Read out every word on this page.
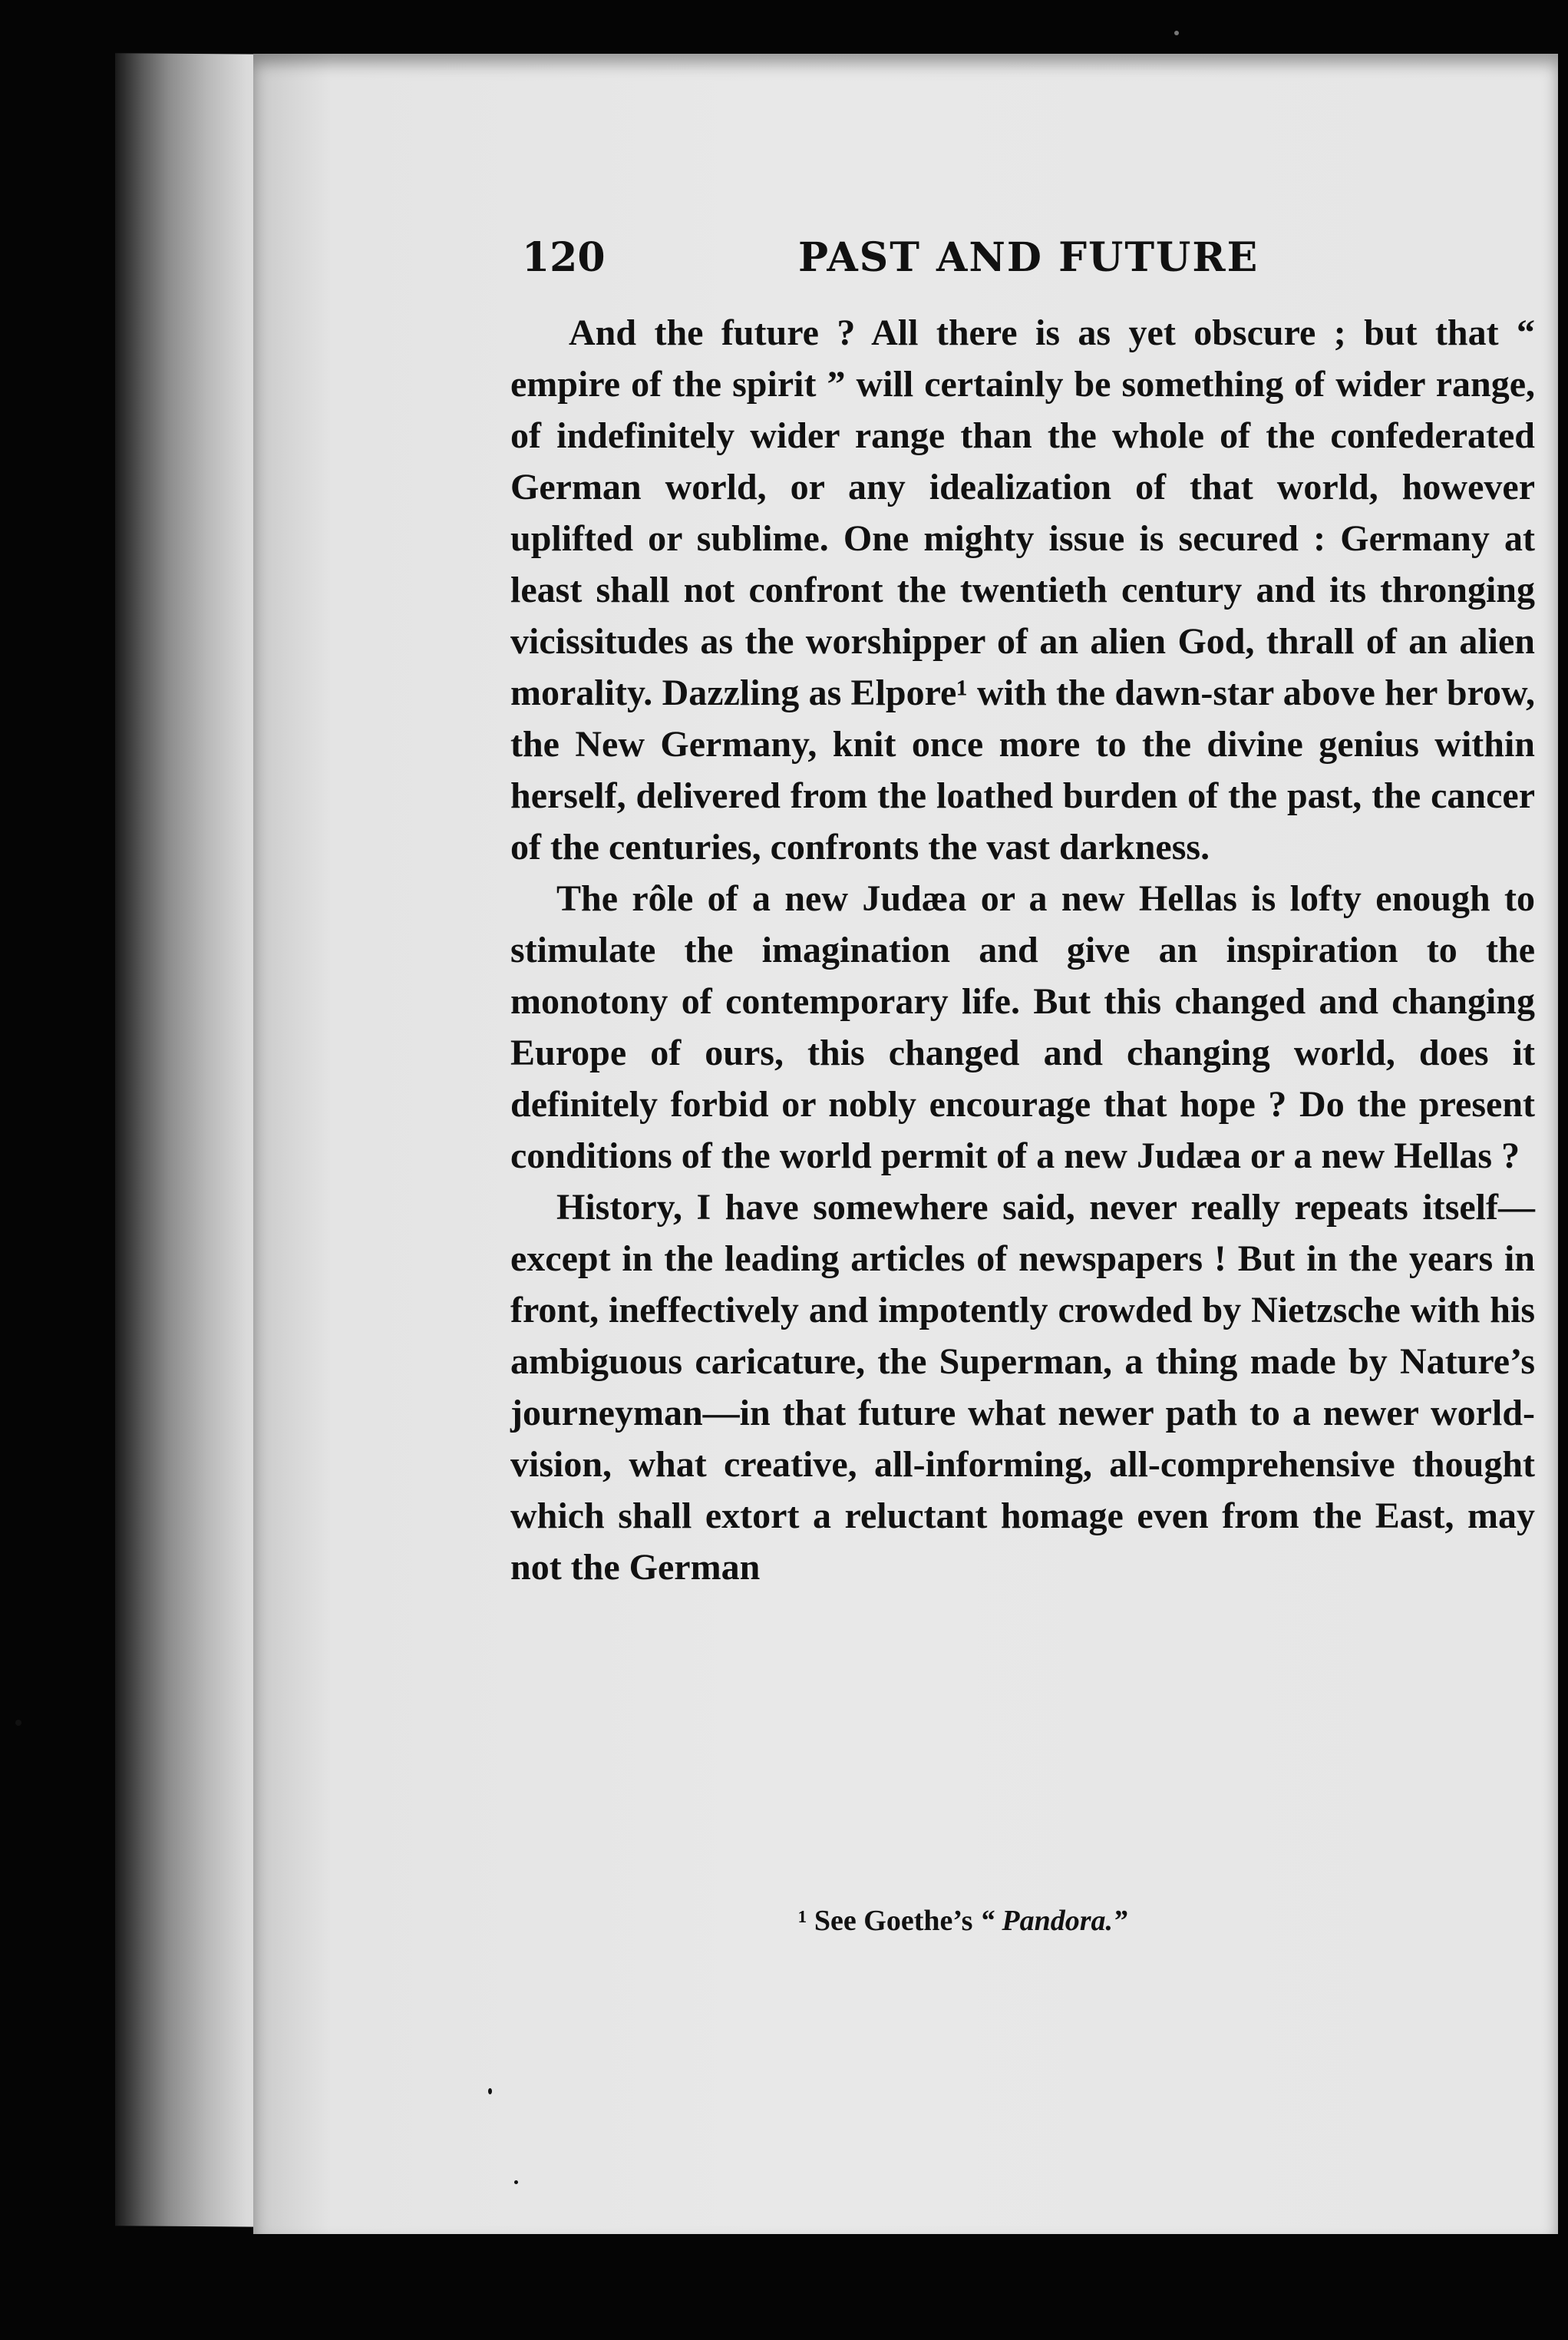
120	PAST AND FUTURE

And the future ? All there is as yet obscure ; but that “ empire of the spirit ” will certainly be something of wider range, of indefinitely wider range than the whole of the confederated German world, or any idealization of that world, however uplifted or sublime. One mighty issue is secured : Germany at least shall not confront the twentieth century and its thronging vicissitudes as the worshipper of an alien God, thrall of an alien morality. Dazzling as Elpore¹ with the dawn-star above her brow, the New Germany, knit once more to the divine genius within herself, delivered from the loathed burden of the past, the cancer of the centuries, confronts the vast darkness.

The rôle of a new Judæa or a new Hellas is lofty enough to stimulate the imagination and give an inspiration to the monotony of contemporary life. But this changed and changing Europe of ours, this changed and changing world, does it definitely forbid or nobly encourage that hope ? Do the present conditions of the world permit of a new Judæa or a new Hellas ?

History, I have somewhere said, never really repeats itself—except in the leading articles of newspapers ! But in the years in front, ineffectively and impotently crowded by Nietzsche with his ambiguous caricature, the Superman, a thing made by Nature’s journeyman—in that future what newer path to a newer world-vision, what creative, all-informing, all-comprehensive thought which shall extort a reluctant homage even from the East, may not the German

¹ See Goethe’s “ Pandora.”
